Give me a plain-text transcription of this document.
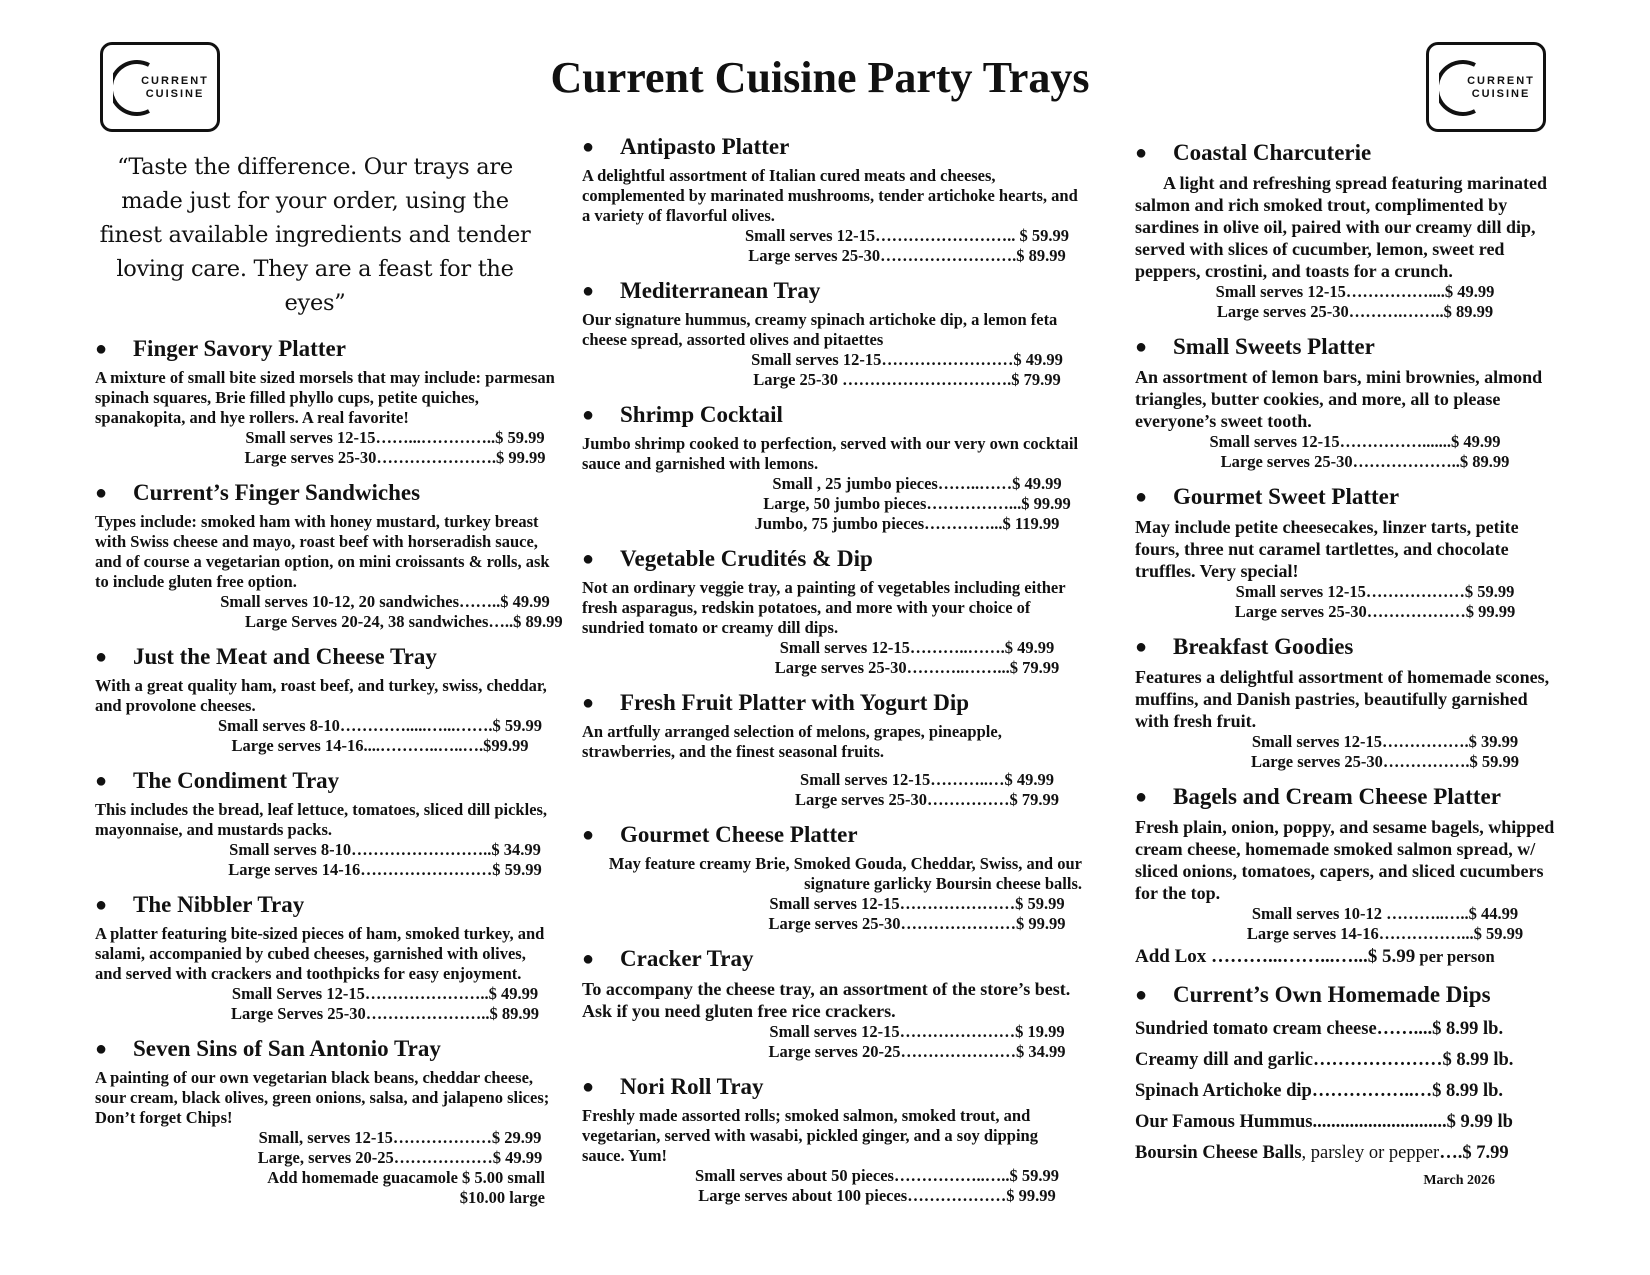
CURRENT
CUISINE
CURRENT
CUISINE
Current Cuisine Party Trays

“Taste the difference. Our trays are made just for your order, using the finest available ingredients and tender loving care. They are a feast for the eyes”

●	Finger Savory Platter

A mixture of small bite sized morsels that may include: parmesan spinach squares, Brie filled phyllo cups, petite quiches, spanakopita, and hye rollers. A real favorite!

Small serves 12-15……...…………..$ 59.99
Large serves 25-30………………….$ 99.99
●	Current’s Finger Sandwiches

Types include: smoked ham with honey mustard, turkey breast with Swiss cheese and mayo, roast beef with horseradish sauce, and of course a vegetarian option, on mini croissants & rolls, ask to include gluten free option.

Small serves 10-12, 20 sandwiches……..$ 49.99
Large Serves 20-24, 38 sandwiches…..$ 89.99
●	Just the Meat and Cheese Tray

With a great quality ham, roast beef, and turkey, swiss, cheddar, and provolone cheeses.

Small serves 8-10………….....…...…….$ 59.99
Large serves 14-16....………..…..….$99.99
●	The Condiment Tray

This includes the bread, leaf lettuce, tomatoes, sliced dill pickles, mayonnaise, and mustards packs.

Small serves 8-10……………………..$ 34.99
Large serves 14-16……………………$ 59.99
●	The Nibbler Tray

A platter featuring bite-sized pieces of ham, smoked turkey, and salami, accompanied by cubed cheeses, garnished with olives, and served with crackers and toothpicks for easy enjoyment.

Small Serves 12-15…………………..$ 49.99
Large Serves 25-30…………………..$ 89.99
●	Seven Sins of San Antonio Tray

A painting of our own vegetarian black beans, cheddar cheese, sour cream, black olives, green onions, salsa, and jalapeno slices; Don’t forget Chips!

Small, serves 12-15………………$ 29.99
Large, serves 20-25………………$ 49.99
Add homemade guacamole $ 5.00 small
$10.00 large
●	Antipasto Platter

A delightful assortment of Italian cured meats and cheeses, complemented by marinated mushrooms, tender artichoke hearts, and a variety of flavorful olives.

Small serves 12-15…………………….. $ 59.99
Large serves 25-30…………………….$ 89.99
●	Mediterranean Tray

Our signature hummus, creamy spinach artichoke dip, a lemon feta cheese spread, assorted olives and pitaettes

Small serves 12-15……………………$ 49.99
Large 25-30 ………………………….$ 79.99
●	Shrimp Cocktail

Jumbo shrimp cooked to perfection, served with our very own cocktail sauce and garnished with lemons.

Small , 25 jumbo pieces……..……$ 49.99
Large, 50 jumbo pieces……………...$ 99.99
Jumbo, 75 jumbo pieces…………...$ 119.99
●	Vegetable Crudités & Dip

Not an ordinary veggie tray, a painting of vegetables including either fresh asparagus, redskin potatoes, and more with your choice of sundried tomato or creamy dill dips.

Small serves 12-15………..…….$ 49.99
Large serves 25-30………..……...$ 79.99
●	Fresh Fruit Platter with Yogurt Dip

An artfully arranged selection of melons, grapes, pineapple, strawberries, and the finest seasonal fruits.

Small serves 12-15………..…$ 49.99
Large serves 25-30……………$ 79.99
●	Gourmet Cheese Platter

May feature creamy Brie, Smoked Gouda, Cheddar, Swiss, and our signature garlicky Boursin cheese balls.

Small serves 12-15…………………$ 59.99
Large serves 25-30…………………$ 99.99
●	Cracker Tray

To accompany the cheese tray, an assortment of the store’s best. Ask if you need gluten free rice crackers.

Small serves 12-15…………………$ 19.99
Large serves 20-25…………………$ 34.99
●	Nori Roll Tray

Freshly made assorted rolls; smoked salmon, smoked trout, and vegetarian, served with wasabi, pickled ginger, and a soy dipping sauce. Yum!

Small serves about 50 pieces……………..…..$ 59.99
Large serves about 100 pieces………………$ 99.99
●	Coastal Charcuterie

A light and refreshing spread featuring marinated salmon and rich smoked trout, complimented by sardines in olive oil, paired with our creamy dill dip, served with slices of cucumber, lemon, sweet red peppers, crostini, and toasts for a crunch.

Small serves 12-15……………....$ 49.99
Large serves 25-30……….……..$ 89.99
●	Small Sweets Platter

An assortment of lemon bars, mini brownies, almond triangles, butter cookies, and more, all to please everyone’s sweet tooth.

Small serves 12-15…………….......$ 49.99
Large serves 25-30………………..$ 89.99
●	Gourmet Sweet Platter

May include petite cheesecakes, linzer tarts, petite fours, three nut caramel tartlettes, and chocolate truffles. Very special!

Small serves 12-15………………$ 59.99
Large serves 25-30………………$ 99.99
●	Breakfast Goodies

Features a delightful assortment of homemade scones, muffins, and Danish pastries, beautifully garnished with fresh fruit.

Small serves 12-15…………….$ 39.99
Large serves 25-30…………….$ 59.99
●	Bagels and Cream Cheese Platter

Fresh plain, onion, poppy, and sesame bagels, whipped cream cheese, homemade smoked salmon spread, w/ sliced onions, tomatoes, capers, and sliced cucumbers for the top.

Small serves 10-12 ………..…..$ 44.99
Large serves 14-16……………...$ 59.99
Add Lox ………...……...…...$ 5.99 per person
●	Current’s Own Homemade Dips
Sundried tomato cream cheese……....$ 8.99 lb.
Creamy dill and garlic…………………$ 8.99 lb.
Spinach Artichoke dip……………..…$ 8.99 lb.
Our Famous Hummus.............................$ 9.99 lb
Boursin Cheese Balls, parsley or pepper….$ 7.99
March 2026
